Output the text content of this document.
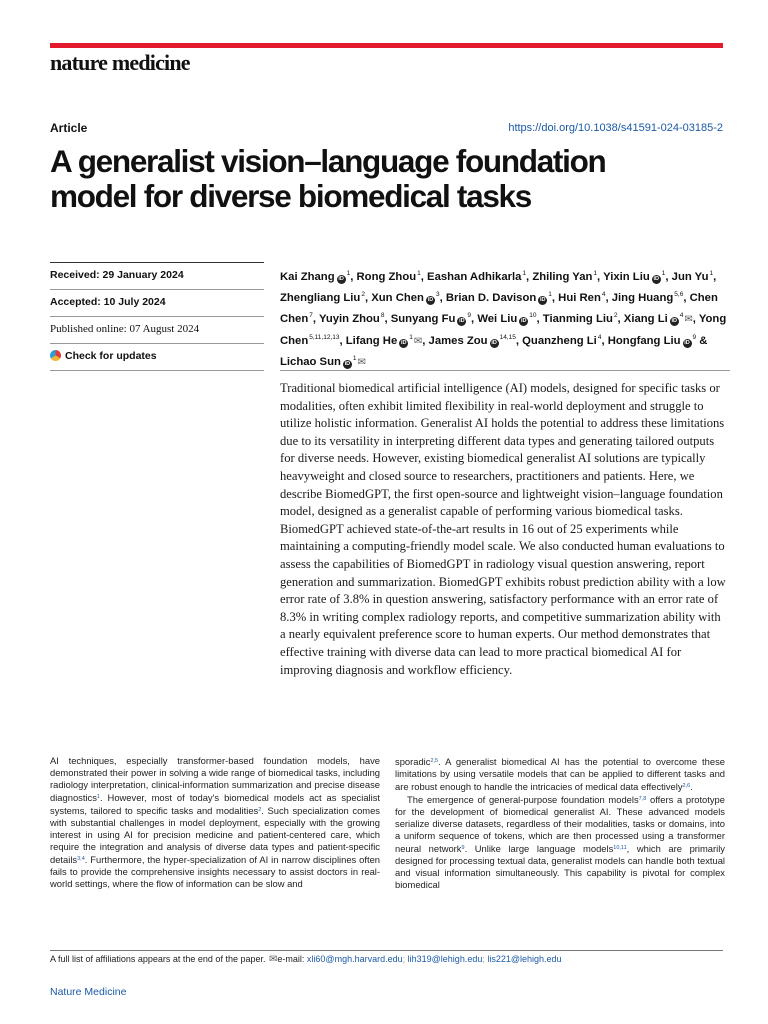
nature medicine
Article	https://doi.org/10.1038/s41591-024-03185-2
A generalist vision–language foundation
model for diverse biomedical tasks
Received: 29 January 2024
Accepted: 10 July 2024
Published online: 07 August 2024
Check for updates
Kai Zhang $iD^1$, Rong Zhou$^1$, Eashan Adhikarla$^1$, Zhiling Yan$^1$, Yixin Liu $iD^1$, Jun Yu$^1$, Zhengliang Liu$^2$, Xun Chen $iD^3$, Brian D. Davison $iD^1$, Hui Ren$^4$, Jing Huang$^{5,6}$, Chen Chen$^7$, Yuyin Zhou$^8$, Sunyang Fu $iD^9$, Wei Liu $iD^{10}$, Tianming Liu$^2$, Xiang Li $iD^4✉$, Yong Chen$^{5,11,12,13}$, Lifang He $iD^1✉$, James Zou iD$^{14,15}$, Quanzheng Li$^4$, Hongfang Liu $iD^9$ & Lichao Sun $iD^1✉$

Traditional biomedical artificial intelligence (AI) models, designed for specific tasks or modalities, often exhibit limited flexibility in real-world deployment and struggle to utilize holistic information. Generalist AI holds the potential to address these limitations due to its versatility in interpreting different data types and generating tailored outputs for diverse needs. However, existing biomedical generalist AI solutions are typically heavyweight and closed source to researchers, practitioners and patients. Here, we describe BiomedGPT, the first open-source and lightweight vision–language foundation model, designed as a generalist capable of performing various biomedical tasks. BiomedGPT achieved state-of-the-art results in 16 out of 25 experiments while maintaining a computing-friendly model scale. We also conducted human evaluations to assess the capabilities of BiomedGPT in radiology visual question answering, report generation and summarization. BiomedGPT exhibits robust prediction ability with a low error rate of 3.8% in question answering, satisfactory performance with an error rate of 8.3% in writing complex radiology reports, and competitive summarization ability with a nearly equivalent preference score to human experts. Our method demonstrates that effective training with diverse data can lead to more practical biomedical AI for improving diagnosis and workflow efficiency.

AI techniques, especially transformer-based foundation models, have demonstrated their power in solving a wide range of biomedical tasks, including radiology interpretation, clinical-information summarization and precise disease diagnostics$^1$. However, most of today's biomedical models act as specialist systems, tailored to specific tasks and modalities$^2$. Such specialization comes with substantial challenges in model deployment, especially with the growing interest in using AI for precision medicine and patient-centered care, which require the integration and analysis of diverse data types and patient-specific details$^{3,4}$. Furthermore, the hyper-specialization of AI in narrow disciplines often fails to provide the comprehensive insights necessary to assist doctors in real-world settings, where the flow of information can be slow and

sporadic$^{2,5}$. A generalist biomedical AI has the potential to overcome these limitations by using versatile models that can be applied to different tasks and are robust enough to handle the intricacies of medical data effectively$^{2,6}$.

The emergence of general-purpose foundation models$^{7,8}$ offers a prototype for the development of biomedical generalist AI. These advanced models serialize diverse datasets, regardless of their modalities, tasks or domains, into a uniform sequence of tokens, which are then processed using a transformer neural network$^9$. Unlike large language models$^{10,11}$, which are primarily designed for processing textual data, generalist models can handle both textual and visual information simultaneously. This capability is pivotal for complex biomedical

A full list of affiliations appears at the end of the paper. ✉e-mail: xli60@mgh.harvard.edu; lih319@lehigh.edu; lis221@lehigh.edu
Nature Medicine
